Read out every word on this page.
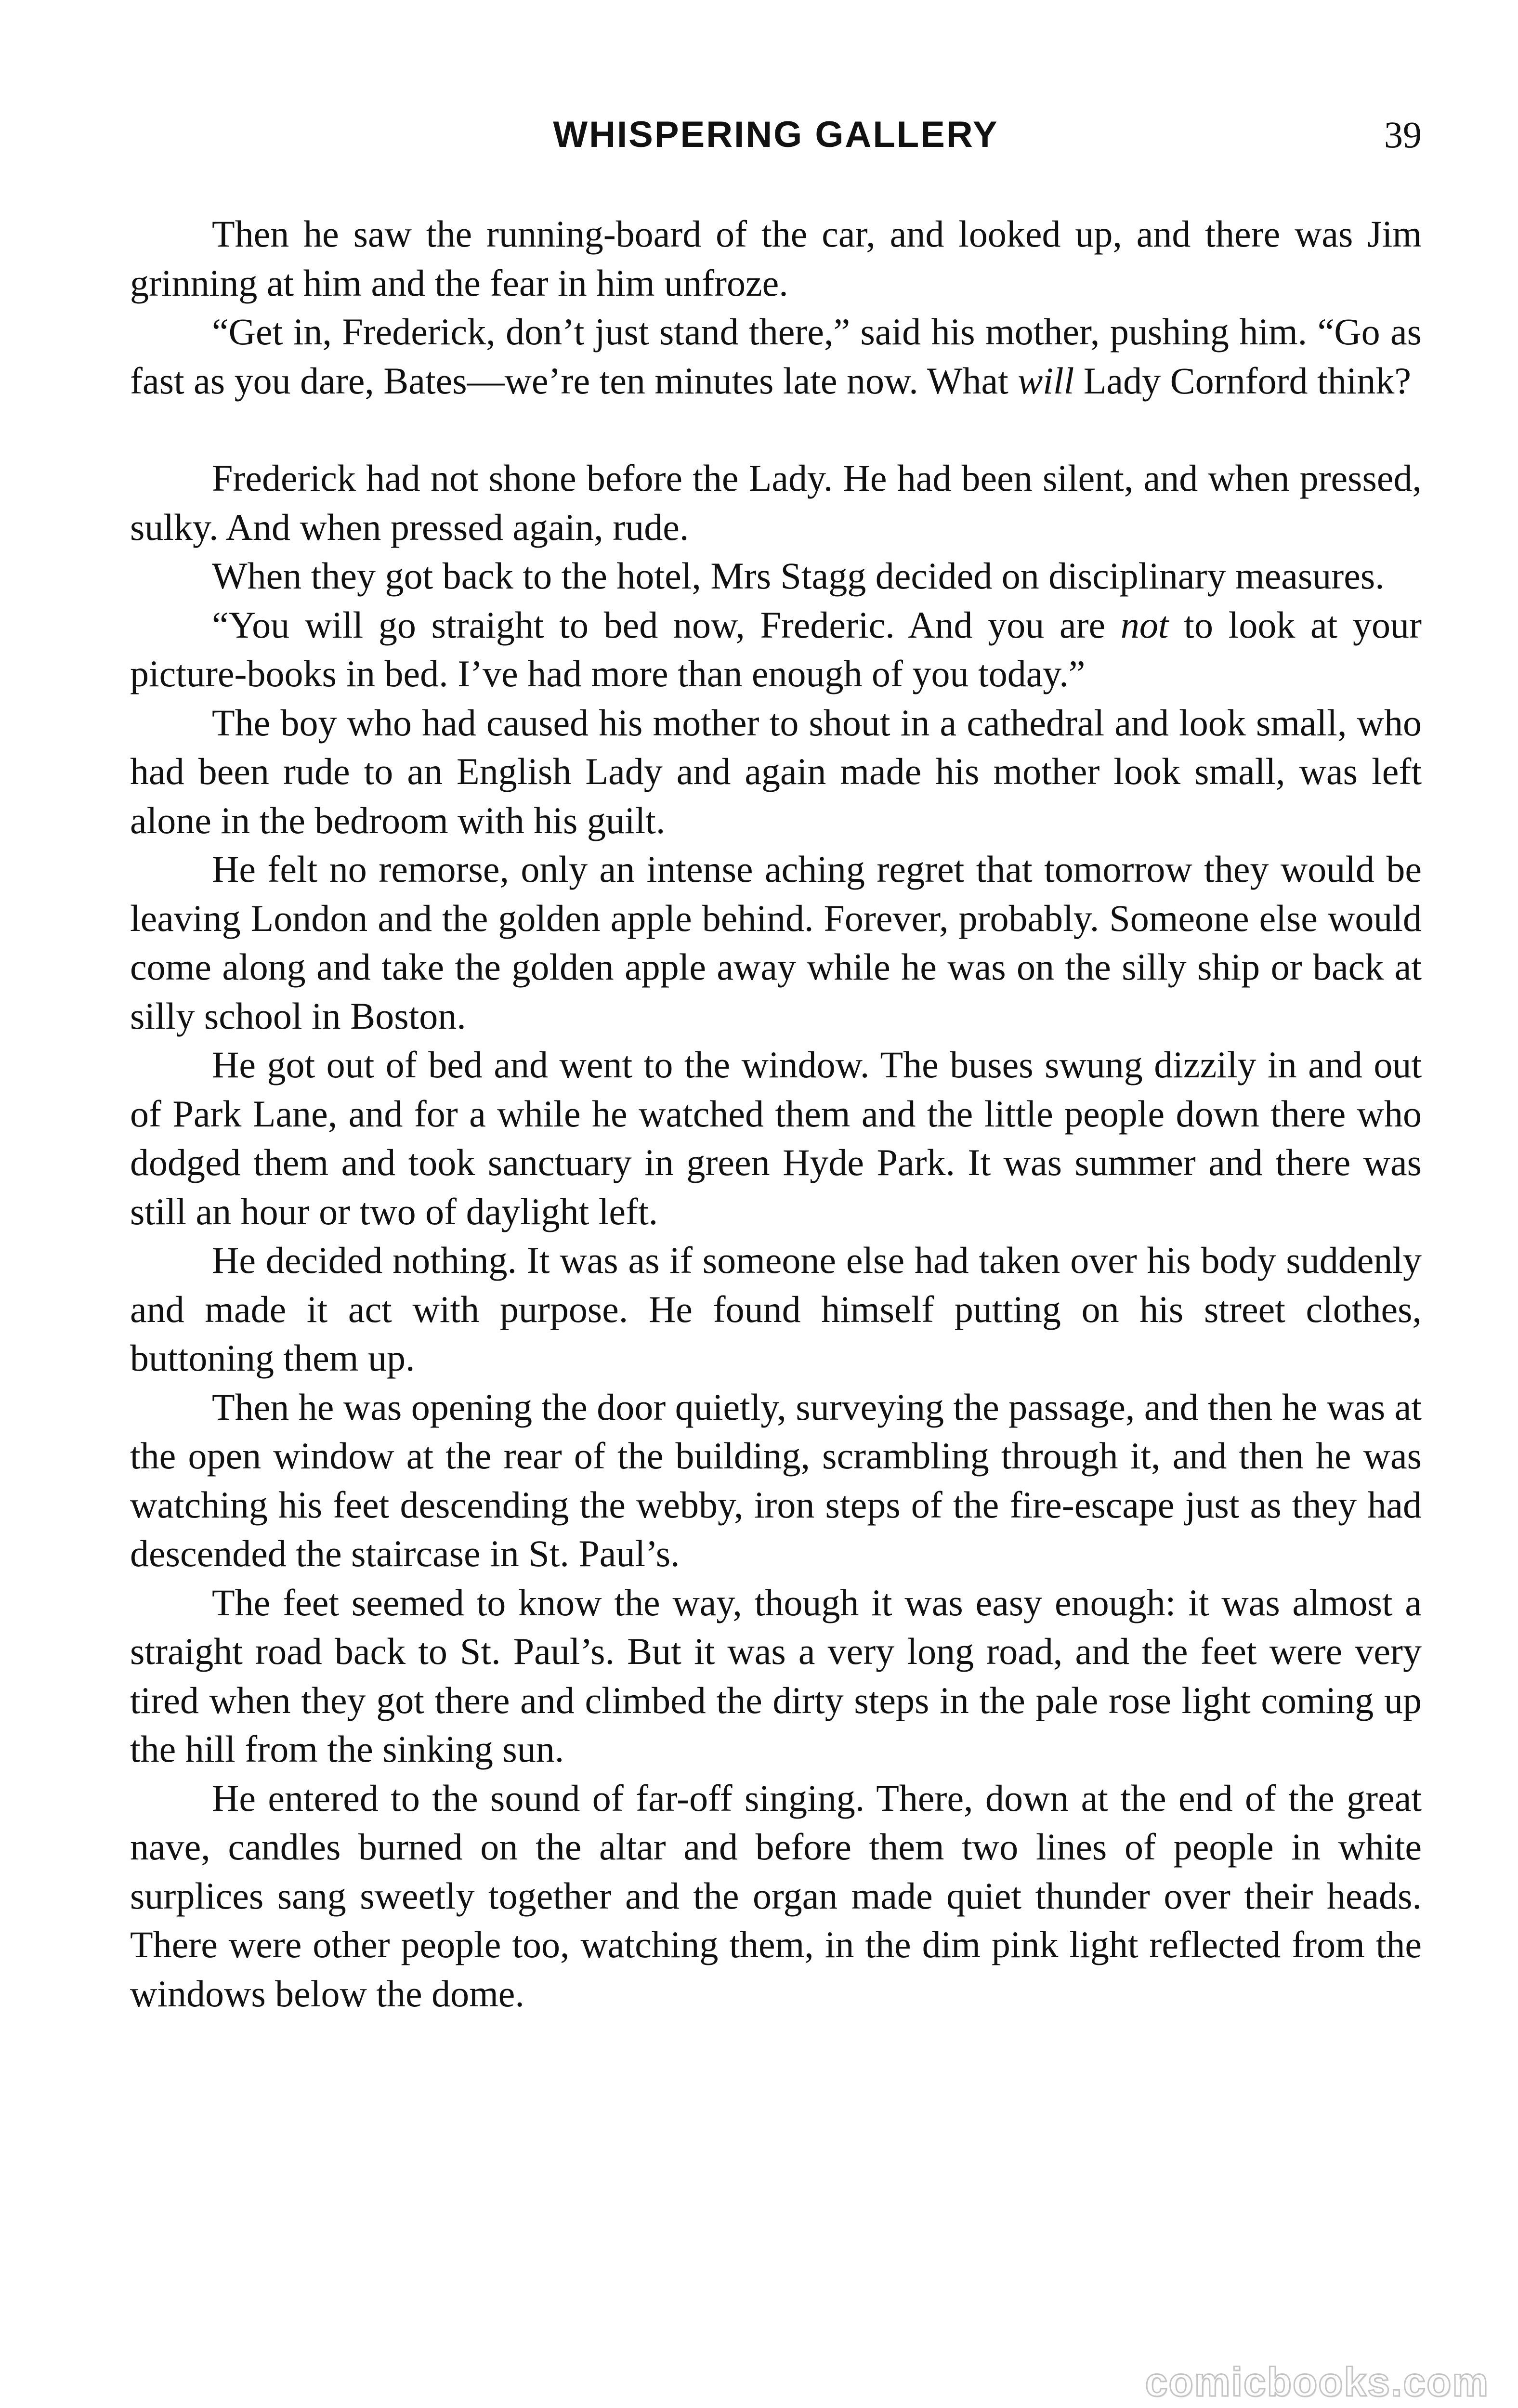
WHISPERING GALLERY	39

Then he saw the running-board of the car, and looked up, and there was Jim grinning at him and the fear in him unfroze.

“Get in, Frederick, don’t just stand there,” said his mother, pushing him. “Go as fast as you dare, Bates—we’re ten minutes late now. What will Lady Cornford think?

Frederick had not shone before the Lady. He had been silent, and when pressed, sulky. And when pressed again, rude.

When they got back to the hotel, Mrs Stagg decided on disciplinary measures.

“You will go straight to bed now, Frederic. And you are not to look at your picture-books in bed. I’ve had more than enough of you today.”

The boy who had caused his mother to shout in a cathedral and look small, who had been rude to an English Lady and again made his mother look small, was left alone in the bedroom with his guilt.

He felt no remorse, only an intense aching regret that tomorrow they would be leaving London and the golden apple behind. Forever, probably. Someone else would come along and take the golden apple away while he was on the silly ship or back at silly school in Boston.

He got out of bed and went to the window. The buses swung dizzily in and out of Park Lane, and for a while he watched them and the little people down there who dodged them and took sanctuary in green Hyde Park. It was summer and there was still an hour or two of daylight left.

He decided nothing. It was as if someone else had taken over his body suddenly and made it act with purpose. He found himself putting on his street clothes, buttoning them up.

Then he was opening the door quietly, surveying the passage, and then he was at the open window at the rear of the building, scrambling through it, and then he was watching his feet descending the webby, iron steps of the fire-escape just as they had descended the staircase in St. Paul’s.

The feet seemed to know the way, though it was easy enough: it was almost a straight road back to St. Paul’s. But it was a very long road, and the feet were very tired when they got there and climbed the dirty steps in the pale rose light coming up the hill from the sinking sun.

He entered to the sound of far-off singing. There, down at the end of the great nave, candles burned on the altar and before them two lines of people in white surplices sang sweetly together and the organ made quiet thunder over their heads. There were other people too, watching them, in the dim pink light reflected from the windows below the dome.

comicbooks.com
